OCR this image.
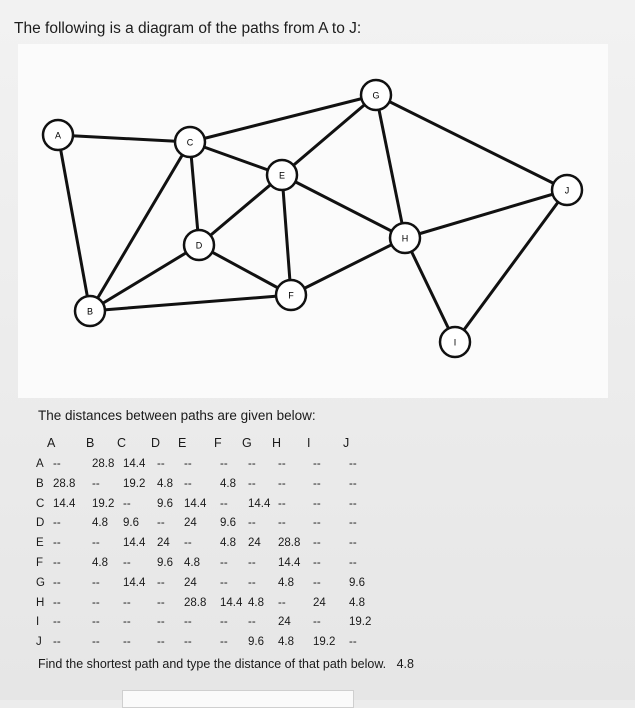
The following is a diagram of the paths from A to J:
A
B
C
D
E
F
G
H
I
J
The distances between paths are given below:
A B C D E F G H I	J
A --	28.8 14.4 -- -- -- -- -- -- --
B 28.8 -- 19.2 4.8 -- 4.8 -- -- -- --
C 14.4 19.2 -- 9.6 14.4 -- 14.4 -- -- --
D --	4.8 9.6 -- 24 9.6 -- -- -- --
E --	-- 14.4 24 -- 4.8 24 28.8 -- --
F --	4.8 -- 9.6 4.8 -- -- 14.4 -- --
G --	-- 14.4 -- 24 -- -- 4.8 -- 9.6
H --	-- -- -- 28.8 14.4 4.8 -- 24 4.8
I --	-- -- -- -- -- -- 24 -- 19.2
J --	-- -- -- -- -- 9.6 4.8 19.2 --
Find the shortest path and type the distance of that path below. 4.8
